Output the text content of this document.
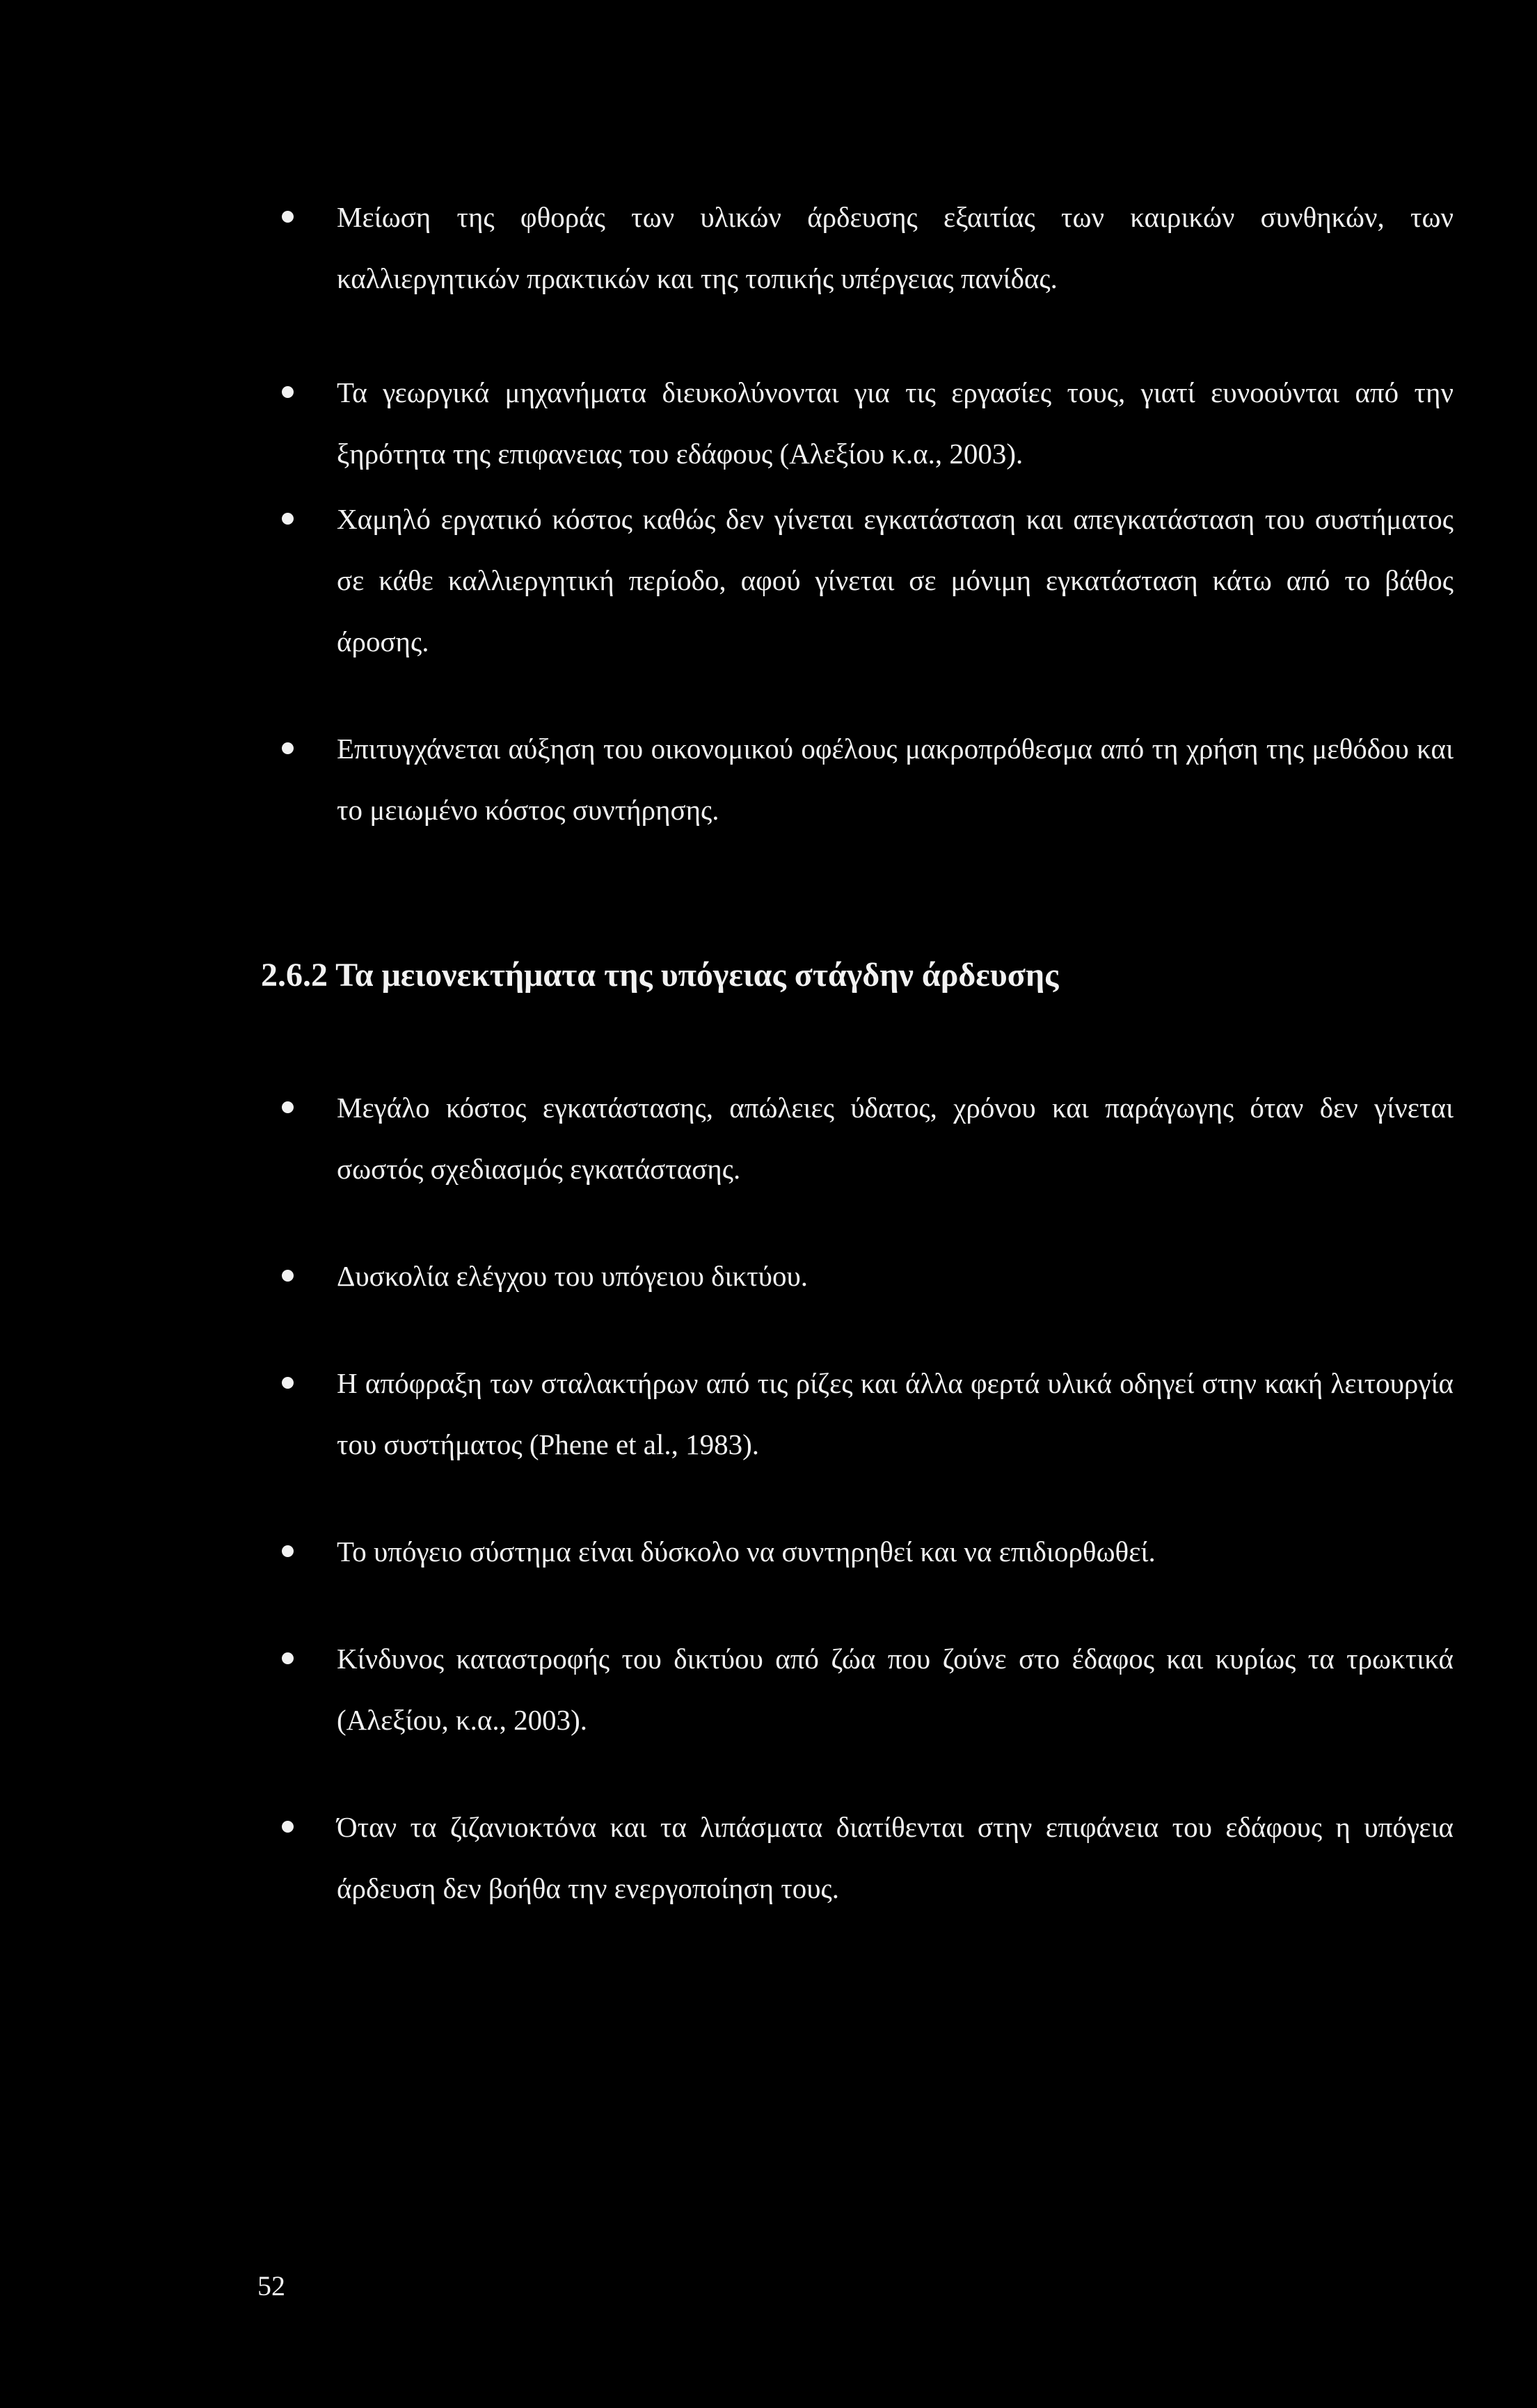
Μείωση της φθοράς των υλικών άρδευσης εξαιτίας των καιρικών συνθηκών, των καλλιεργητικών πρακτικών και της τοπικής υπέργειας πανίδας.
Τα γεωργικά μηχανήματα διευκολύνονται για τις εργασίες τους, γιατί ευνοούνται από την ξηρότητα της επιφανειας του εδάφους (Αλεξίου κ.α., 2003).
Χαμηλό εργατικό κόστος καθώς δεν γίνεται εγκατάσταση και απεγκατάσταση του συστήματος σε κάθε καλλιεργητική περίοδο, αφού γίνεται σε μόνιμη εγκατάσταση κάτω από το βάθος άροσης.
Επιτυγχάνεται αύξηση του οικονομικού οφέλους μακροπρόθεσμα από τη χρήση της μεθόδου και το μειωμένο κόστος συντήρησης.
2.6.2 Τα μειονεκτήματα της υπόγειας στάγδην άρδευσης
Μεγάλο κόστος εγκατάστασης, απώλειες ύδατος, χρόνου και παράγωγης όταν δεν γίνεται σωστός σχεδιασμός εγκατάστασης.
Δυσκολία ελέγχου του υπόγειου δικτύου.
Η απόφραξη των σταλακτήρων από τις ρίζες και άλλα φερτά υλικά οδηγεί στην κακή λειτουργία του συστήματος (Phene et al., 1983).
Το υπόγειο σύστημα είναι δύσκολο να συντηρηθεί και να επιδιορθωθεί.
Κίνδυνος καταστροφής του δικτύου από ζώα που ζούνε στο έδαφος και κυρίως τα τρωκτικά (Αλεξίου, κ.α., 2003).
Όταν τα ζιζανιοκτόνα και τα λιπάσματα διατίθενται στην επιφάνεια του εδάφους η υπόγεια άρδευση δεν βοήθα την ενεργοποίηση τους.
52
